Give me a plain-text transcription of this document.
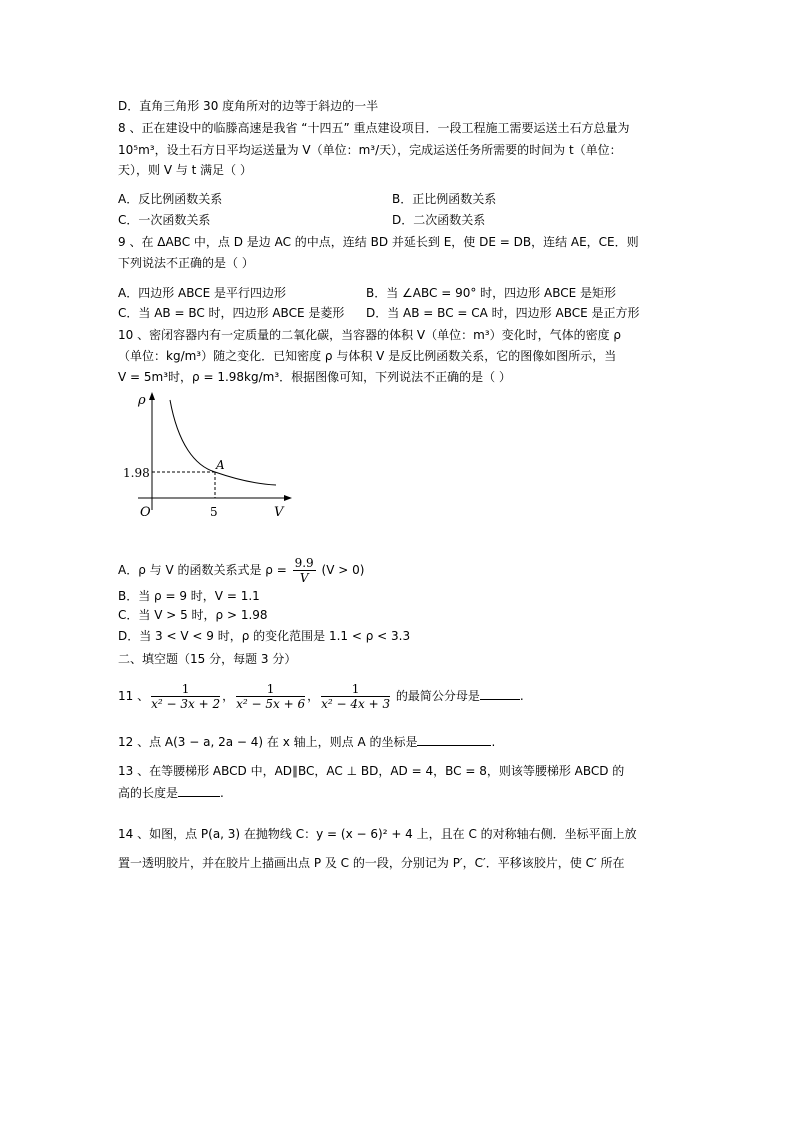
D．直角三角形 30 度角所对的边等于斜边的一半
8 、正在建设中的临滕高速是我省 “十四五” 重点建设项目．一段工程施工需要运送土石方总量为
10⁵m³，设土石方日平均运送量为 V（单位：m³/天），完成运送任务所需要的时间为 t（单位：
天），则 V 与 t 满足（ ）
A．反比例函数关系	B．正比例函数关系
C．一次函数关系	D．二次函数关系
9 、在 ΔABC 中，点 D 是边 AC 的中点，连结 BD 并延长到 E，使 DE = DB，连结 AE，CE．则
下列说法不正确的是（ ）
A．四边形 ABCE 是平行四边形	B．当 ∠ABC = 90° 时，四边形 ABCE 是矩形
C．当 AB = BC 时，四边形 ABCE 是菱形 D．当 AB = BC = CA 时，四边形 ABCE 是正方形
10 、密闭容器内有一定质量的二氧化碳，当容器的体积 V（单位：m³）变化时，气体的密度 ρ
（单位：kg/m³）随之变化．已知密度 ρ 与体积 V 是反比例函数关系，它的图像如图所示，当
V = 5m³时，ρ = 1.98kg/m³．根据图像可知，下列说法不正确的是（ ）
ρ
V
O
1.98
5
A
A．ρ 与 V 的函数关系式是 $\rho = \frac{9.9}{V} (V > 0)$
B．当 ρ = 9 时，V = 1.1
C．当 V > 5 时，ρ > 1.98
D．当 3 < V < 9 时，ρ 的变化范围是 1.1 < ρ < 3.3
二、填空题（15 分，每题 3 分）
11 、 $\frac{1}{\text{x² − 3x + 2}}$ ， $\frac{1}{\text{x² − 5x + 6}}$ ， $\frac{1}{\text{x² − 4x + 3}}$ 的最简公分母是	.
12 、点 A(3 − a, 2a − 4) 在 x 轴上，则点 A 的坐标是	.
13 、在等腰梯形 ABCD 中，AD∥BC，AC ⊥ BD，AD = 4，BC = 8，则该等腰梯形 ABCD 的
高的长度是	.
14 、如图，点 P(a, 3) 在抛物线 C：y = (x − 6)² + 4 上，且在 C 的对称轴右侧．坐标平面上放
置一透明胶片，并在胶片上描画出点 P 及 C 的一段，分别记为 P′，C′．平移该胶片，使 C′ 所在
